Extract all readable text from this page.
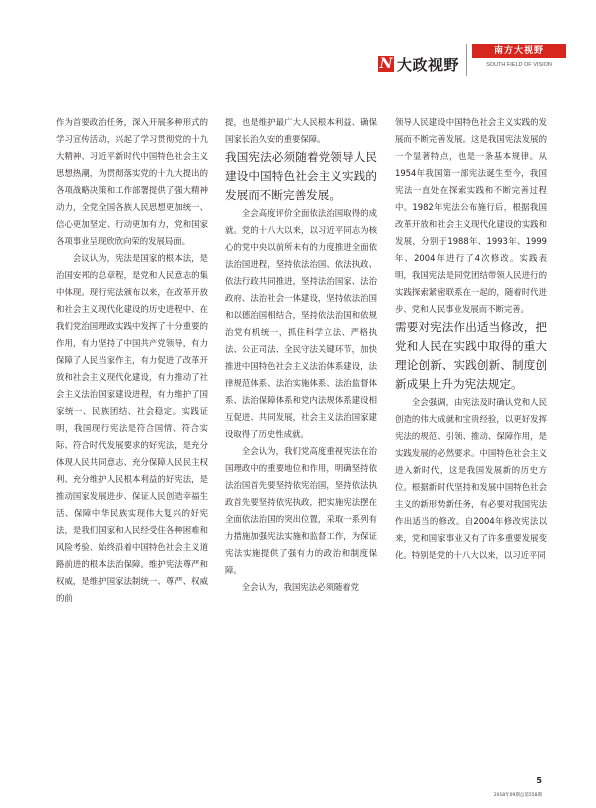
N 大政视野
南方大视野
SOUTH FIELD OF VISION

作为首要政治任务，深入开展多种形式的学习宣传活动，兴起了学习贯彻党的十九大精神、习近平新时代中国特色社会主义思想热潮，为贯彻落实党的十九大提出的各项战略决策和工作部署提供了强大精神动力，全党全国各族人民思想更加统一、信心更加坚定、行动更加有力，党和国家各项事业呈现欣欣向荣的发展局面。

会议认为，宪法是国家的根本法，是治国安邦的总章程，是党和人民意志的集中体现。现行宪法颁布以来，在改革开放和社会主义现代化建设的历史进程中、在我们党治国理政实践中发挥了十分重要的作用，有力坚持了中国共产党领导，有力保障了人民当家作主，有力促进了改革开放和社会主义现代化建设，有力推动了社会主义法治国家建设进程，有力维护了国家统一、民族团结、社会稳定。实践证明，我国现行宪法是符合国情、符合实际、符合时代发展要求的好宪法，是充分体现人民共同意志、充分保障人民民主权利、充分维护人民根本利益的好宪法，是推动国家发展进步、保证人民创造幸福生活、保障中华民族实现伟大复兴的好宪法，是我们国家和人民经受住各种困难和风险考验、始终沿着中国特色社会主义道路前进的根本法治保障。维护宪法尊严和权威，是维护国家法制统一、尊严、权威的前

提，也是维护最广大人民根本利益、确保国家长治久安的重要保障。

我国宪法必须随着党领导人民建设中国特色社会主义实践的发展而不断完善发展。

全会高度评价全面依法治国取得的成就。党的十八大以来，以习近平同志为核心的党中央以前所未有的力度推进全面依法治国进程，坚持依法治国、依法执政、依法行政共同推进，坚持法治国家、法治政府、法治社会一体建设，坚持依法治国和以德治国相结合，坚持依法治国和依规治党有机统一，抓住科学立法、严格执法、公正司法、全民守法关键环节，加快推进中国特色社会主义法治体系建设，法律规范体系、法治实施体系、法治监督体系、法治保障体系和党内法规体系建设相互促进、共同发展，社会主义法治国家建设取得了历史性成就。

全会认为，我们党高度重视宪法在治国理政中的重要地位和作用，明确坚持依法治国首先要坚持依宪治国，坚持依法执政首先要坚持依宪执政，把实施宪法摆在全面依法治国的突出位置，采取一系列有力措施加强宪法实施和监督工作，为保证宪法实施提供了强有力的政治和制度保障。

全会认为，我国宪法必须随着党

领导人民建设中国特色社会主义实践的发展而不断完善发展。这是我国宪法发展的一个显著特点，也是一条基本规律。从1954年我国第一部宪法诞生至今，我国宪法一直处在探索实践和不断完善过程中。1982年宪法公布施行后，根据我国改革开放和社会主义现代化建设的实践和发展，分别于1988年、1993年、1999年、2004年进行了4次修改。实践表明，我国宪法是同党团结带领人民进行的实践探索紧密联系在一起的，随着时代进步、党和人民事业发展而不断完善。

需要对宪法作出适当修改，把党和人民在实践中取得的重大理论创新、实践创新、制度创新成果上升为宪法规定。

全会强调，由宪法及时确认党和人民创造的伟大成就和宝贵经验，以更好发挥宪法的规范、引领、推动、保障作用，是实践发展的必然要求。中国特色社会主义进入新时代，这是我国发展新的历史方位。根据新时代坚持和发展中国特色社会主义的新形势新任务，有必要对我国宪法作出适当的修改。自2004年修改宪法以来，党和国家事业又有了许多重要发展变化。特别是党的十八大以来，以习近平同

5
2018年09期总第558期
